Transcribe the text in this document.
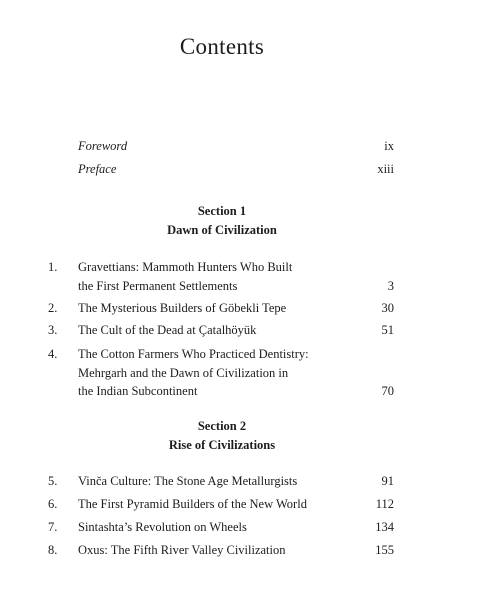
Contents
Foreword	ix
Preface	xiii
Section 1
Dawn of Civilization
1. Gravettians: Mammoth Hunters Who Built
the First Permanent Settlements	3
2. The Mysterious Builders of Göbekli Tepe	30
3. The Cult of the Dead at Çatalhöyük	51
4. The Cotton Farmers Who Practiced Dentistry:
Mehrgarh and the Dawn of Civilization in
the Indian Subcontinent	70
Section 2
Rise of Civilizations
5. Vinča Culture: The Stone Age Metallurgists	91
6. The First Pyramid Builders of the New World	112
7. Sintashta’s Revolution on Wheels	134
8. Oxus: The Fifth River Valley Civilization	155
